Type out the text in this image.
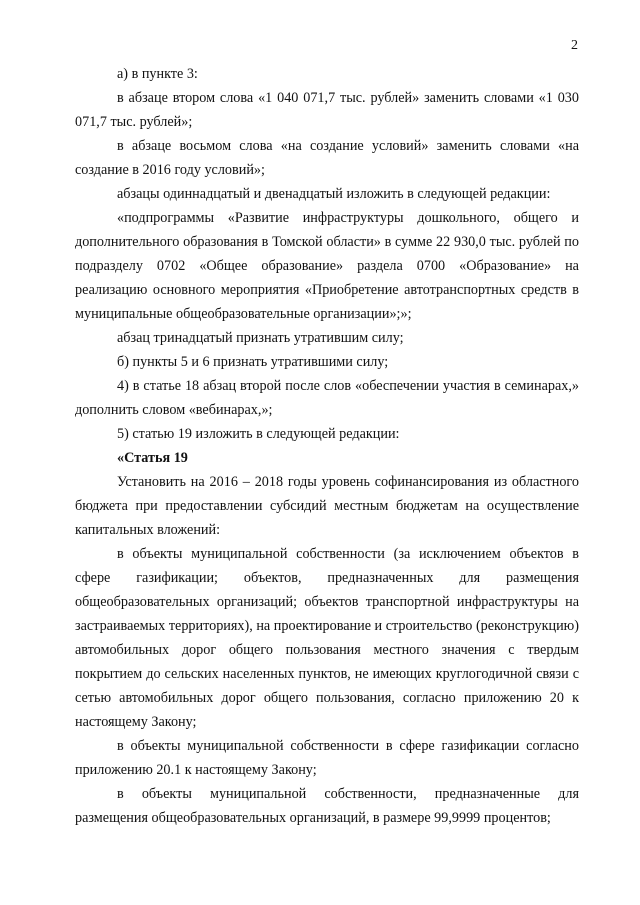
2

а) в пункте 3:

в абзаце втором слова «1 040 071,7 тыс. рублей» заменить словами «1 030 071,7 тыс. рублей»;

в абзаце восьмом слова «на создание условий» заменить словами «на создание в 2016 году условий»;

абзацы одиннадцатый и двенадцатый изложить в следующей редакции:

«подпрограммы «Развитие инфраструктуры дошкольного, общего и дополнительного образования в Томской области» в сумме 22 930,0 тыс. рублей по подразделу 0702 «Общее образование» раздела 0700 «Образование» на реализацию основного мероприятия «Приобретение автотранспортных средств в муниципальные общеобразовательные организации»;»;

абзац тринадцатый признать утратившим силу;

б) пункты 5 и 6 признать утратившими силу;

4) в статье 18 абзац второй после слов «обеспечении участия в семинарах,» дополнить словом «вебинарах,»;

5) статью 19 изложить в следующей редакции:

«Статья 19

Установить на 2016 – 2018 годы уровень софинансирования из областного бюджета при предоставлении субсидий местным бюджетам на осуществление капитальных вложений:

в объекты муниципальной собственности (за исключением объектов в сфере газификации; объектов, предназначенных для размещения общеобразовательных организаций; объектов транспортной инфраструктуры на застраиваемых территориях), на проектирование и строительство (реконструкцию) автомобильных дорог общего пользования местного значения с твердым покрытием до сельских населенных пунктов, не имеющих круглогодичной связи с сетью автомобильных дорог общего пользования, согласно приложению 20 к настоящему Закону;

в объекты муниципальной собственности в сфере газификации согласно приложению 20.1 к настоящему Закону;

в объекты муниципальной собственности, предназначенные для размещения общеобразовательных организаций, в размере 99,9999 процентов;
